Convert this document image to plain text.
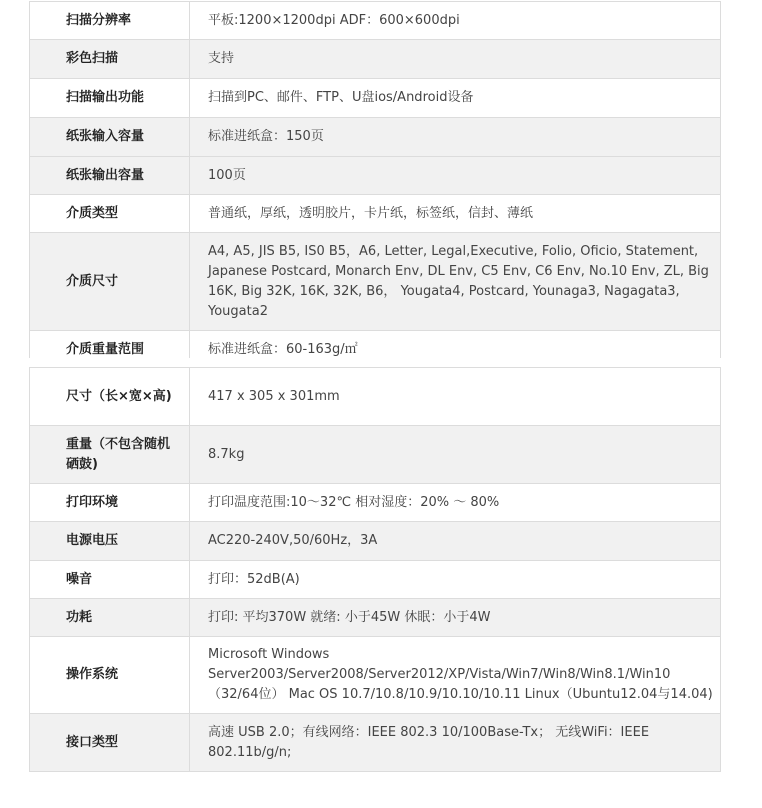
扫描分辨率	平板:1200×1200dpi ADF：600×600dpi
彩色扫描	支持
扫描输出功能	扫描到PC、邮件、FTP、U盘ios/Android设备
纸张输入容量	标准进纸盒：150页
纸张输出容量	100页
介质类型	普通纸，厚纸，透明胶片，卡片纸，标签纸，信封、薄纸
介质尺寸	A4, A5, JIS B5, IS0 B5，A6, Letter, Legal,Executive, Folio, Oficio, Statement, Japanese Postcard, Monarch Env, DL Env, C5 Env, C6 Env, No.10 Env, ZL, Big 16K, Big 32K, 16K, 32K, B6， Yougata4, Postcard, Younaga3, Nagagata3, Yougata2
介质重量范围	标准进纸盒：60-163g/㎡
尺寸（长×宽×高)	417 x 305 x 301mm
重量（不包含随机硒鼓)	8.7kg
打印环境	打印温度范围:10～32℃ 相对湿度：20% ～ 80%
电源电压	AC220-240V,50/60Hz，3A
噪音	打印：52dB(A)
功耗	打印: 平均370W 就绪: 小于45W 休眠：小于4W
操作系统	Microsoft Windows Server2003/Server2008/Server2012/XP/Vista/Win7/Win8/Win8.1/Win10（32/64位） Mac OS 10.7/10.8/10.9/10.10/10.11 Linux（Ubuntu12.04与14.04)
接口类型	高速 USB 2.0；有线网络：IEEE 802.3 10/100Base-Tx； 无线WiFi：IEEE 802.11b/g/n;
